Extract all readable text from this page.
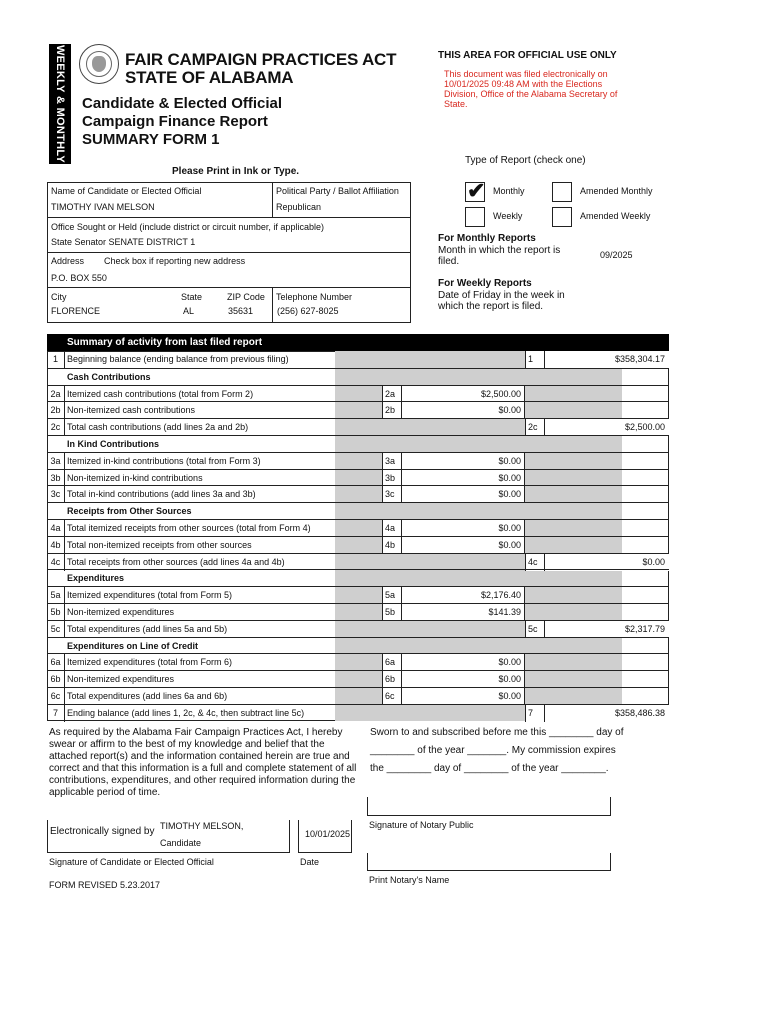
WEEKLY & MONTHLY	FAIR CAMPAIGN PRACTICES ACT
STATE OF ALABAMA
Candidate & Elected Official
Campaign Finance Report
SUMMARY FORM 1
THIS AREA FOR OFFICIAL USE ONLY
This document was filed electronically on 10/01/2025 09:48 AM with the Elections Division, Office of the Alabama Secretary of State.
Type of Report (check one)
Please Print in Ink or Type.
Name of Candidate or Elected Official
TIMOTHY IVAN MELSON
Political Party / Ballot Affiliation
Republican
Office Sought or Held (include district or circuit number, if applicable)
State Senator SENATE DISTRICT 1
Address Check box if reporting new address
P.O. BOX 550
City
FLORENCE
State
AL
ZIP Code
35631
Telephone Number
(256) 627-8025
✔ Monthly	Amended Monthly
Weekly	Amended Weekly
For Monthly Reports
Month in which the report is filed.
09/2025
For Weekly Reports
Date of Friday in the week in which the report is filed.
Summary of activity from last filed report
1	Beginning balance (ending balance from previous filing)	1	$358,304.17
Cash Contributions
2a Itemized cash contributions (total from Form 2)	2a	$2,500.00
2b Non-itemized cash contributions	2b	$0.00
2c Total cash contributions (add lines 2a and 2b)	2c	$2,500.00
In Kind Contributions
3a Itemized in-kind contributions (total from Form 3)	3a	$0.00
3b Non-itemized in-kind contributions	3b	$0.00
3c Total in-kind contributions (add lines 3a and 3b)	3c	$0.00
Receipts from Other Sources
4a Total itemized receipts from other sources (total from Form 4)	4a	$0.00
4b Total non-itemized receipts from other sources	4b	$0.00
4c Total receipts from other sources (add lines 4a and 4b)	4c	$0.00
Expenditures
5a Itemized expenditures (total from Form 5)	5a	$2,176.40
5b Non-itemized expenditures	5b	$141.39
5c Total expenditures (add lines 5a and 5b)	5c	$2,317.79
Expenditures on Line of Credit
6a Itemized expenditures (total from Form 6)	6a	$0.00
6b Non-itemized expenditures	6b	$0.00
6c Total expenditures (add lines 6a and 6b)	6c	$0.00
7	Ending balance (add lines 1, 2c, & 4c, then subtract line 5c)	7	$358,486.38
As required by the Alabama Fair Campaign Practices Act, I hereby swear or affirm to the best of my knowledge and belief that the attached report(s) and the information contained herein are true and correct and that this information is a full and complete statement of all contributions, expenditures, and other required information during the applicable period of time.
Sworn to and subscribed before me this ________ day of
________ of the year _______. My commission expires
the ________ day of ________ of the year ________.
Signature of Notary Public
Print Notary's Name
Electronically signed by TIMOTHY MELSON,
Candidate
10/01/2025
Signature of Candidate or Elected Official	Date
FORM REVISED 5.23.2017
